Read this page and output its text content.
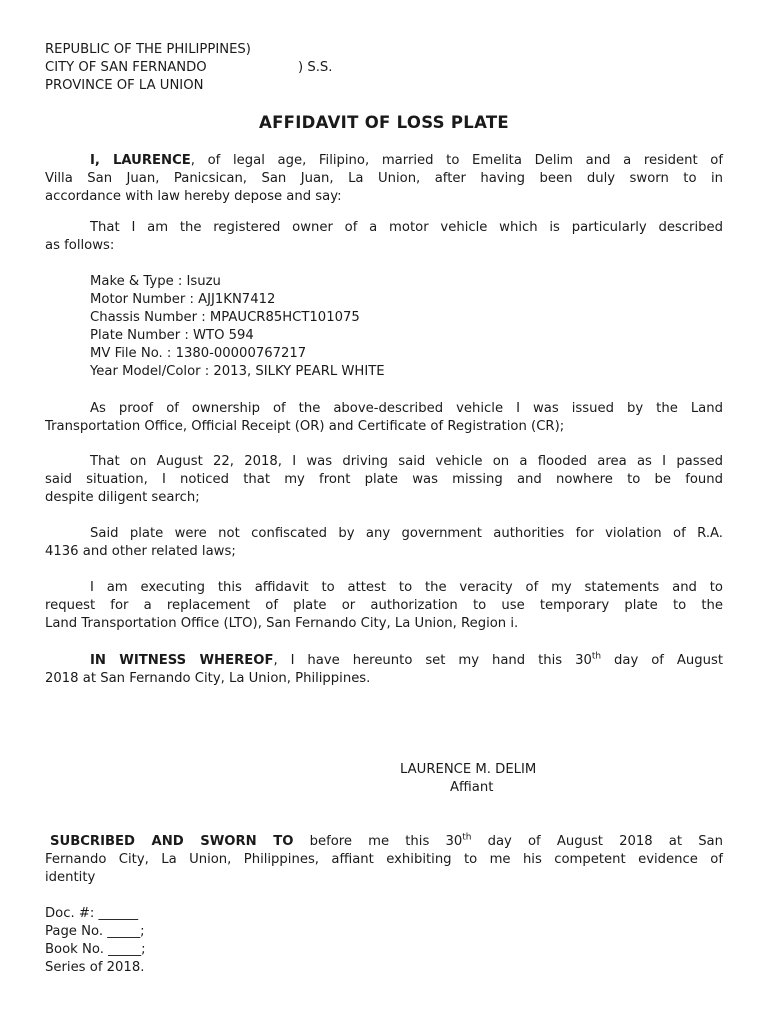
REPUBLIC OF THE PHILIPPINES)
CITY OF SAN FERNANDO	) S.S.
PROVINCE OF LA UNION
AFFIDAVIT OF LOSS PLATE
I, LAURENCE, of legal age, Filipino, married to Emelita Delim and a resident of
Villa San Juan, Panicsican, San Juan, La Union, after having been duly sworn to in
accordance with law hereby depose and say:
That I am the registered owner of a motor vehicle which is particularly described
as follows:
Make & Type : Isuzu
Motor Number : AJJ1KN7412
Chassis Number : MPAUCR85HCT101075
Plate Number : WTO 594
MV File No. : 1380-00000767217
Year Model/Color : 2013, SILKY PEARL WHITE
As proof of ownership of the above-described vehicle I was issued by the Land
Transportation Office, Official Receipt (OR) and Certificate of Registration (CR);
That on August 22, 2018, I was driving said vehicle on a flooded area as I passed
said situation, I noticed that my front plate was missing and nowhere to be found
despite diligent search;
Said plate were not confiscated by any government authorities for violation of R.A.
4136 and other related laws;
I am executing this affidavit to attest to the veracity of my statements and to
request for a replacement of plate or authorization to use temporary plate to the
Land Transportation Office (LTO), San Fernando City, La Union, Region i.
IN WITNESS WHEREOF, I have hereunto set my hand this 30th day of August
2018 at San Fernando City, La Union, Philippines.
LAURENCE M. DELIM
Affiant
SUBCRIBED AND SWORN TO before me this 30th day of August 2018 at San
Fernando City, La Union, Philippines, affiant exhibiting to me his competent evidence of
identity
Doc. #: ______
Page No. _____;
Book No. _____;
Series of 2018.
